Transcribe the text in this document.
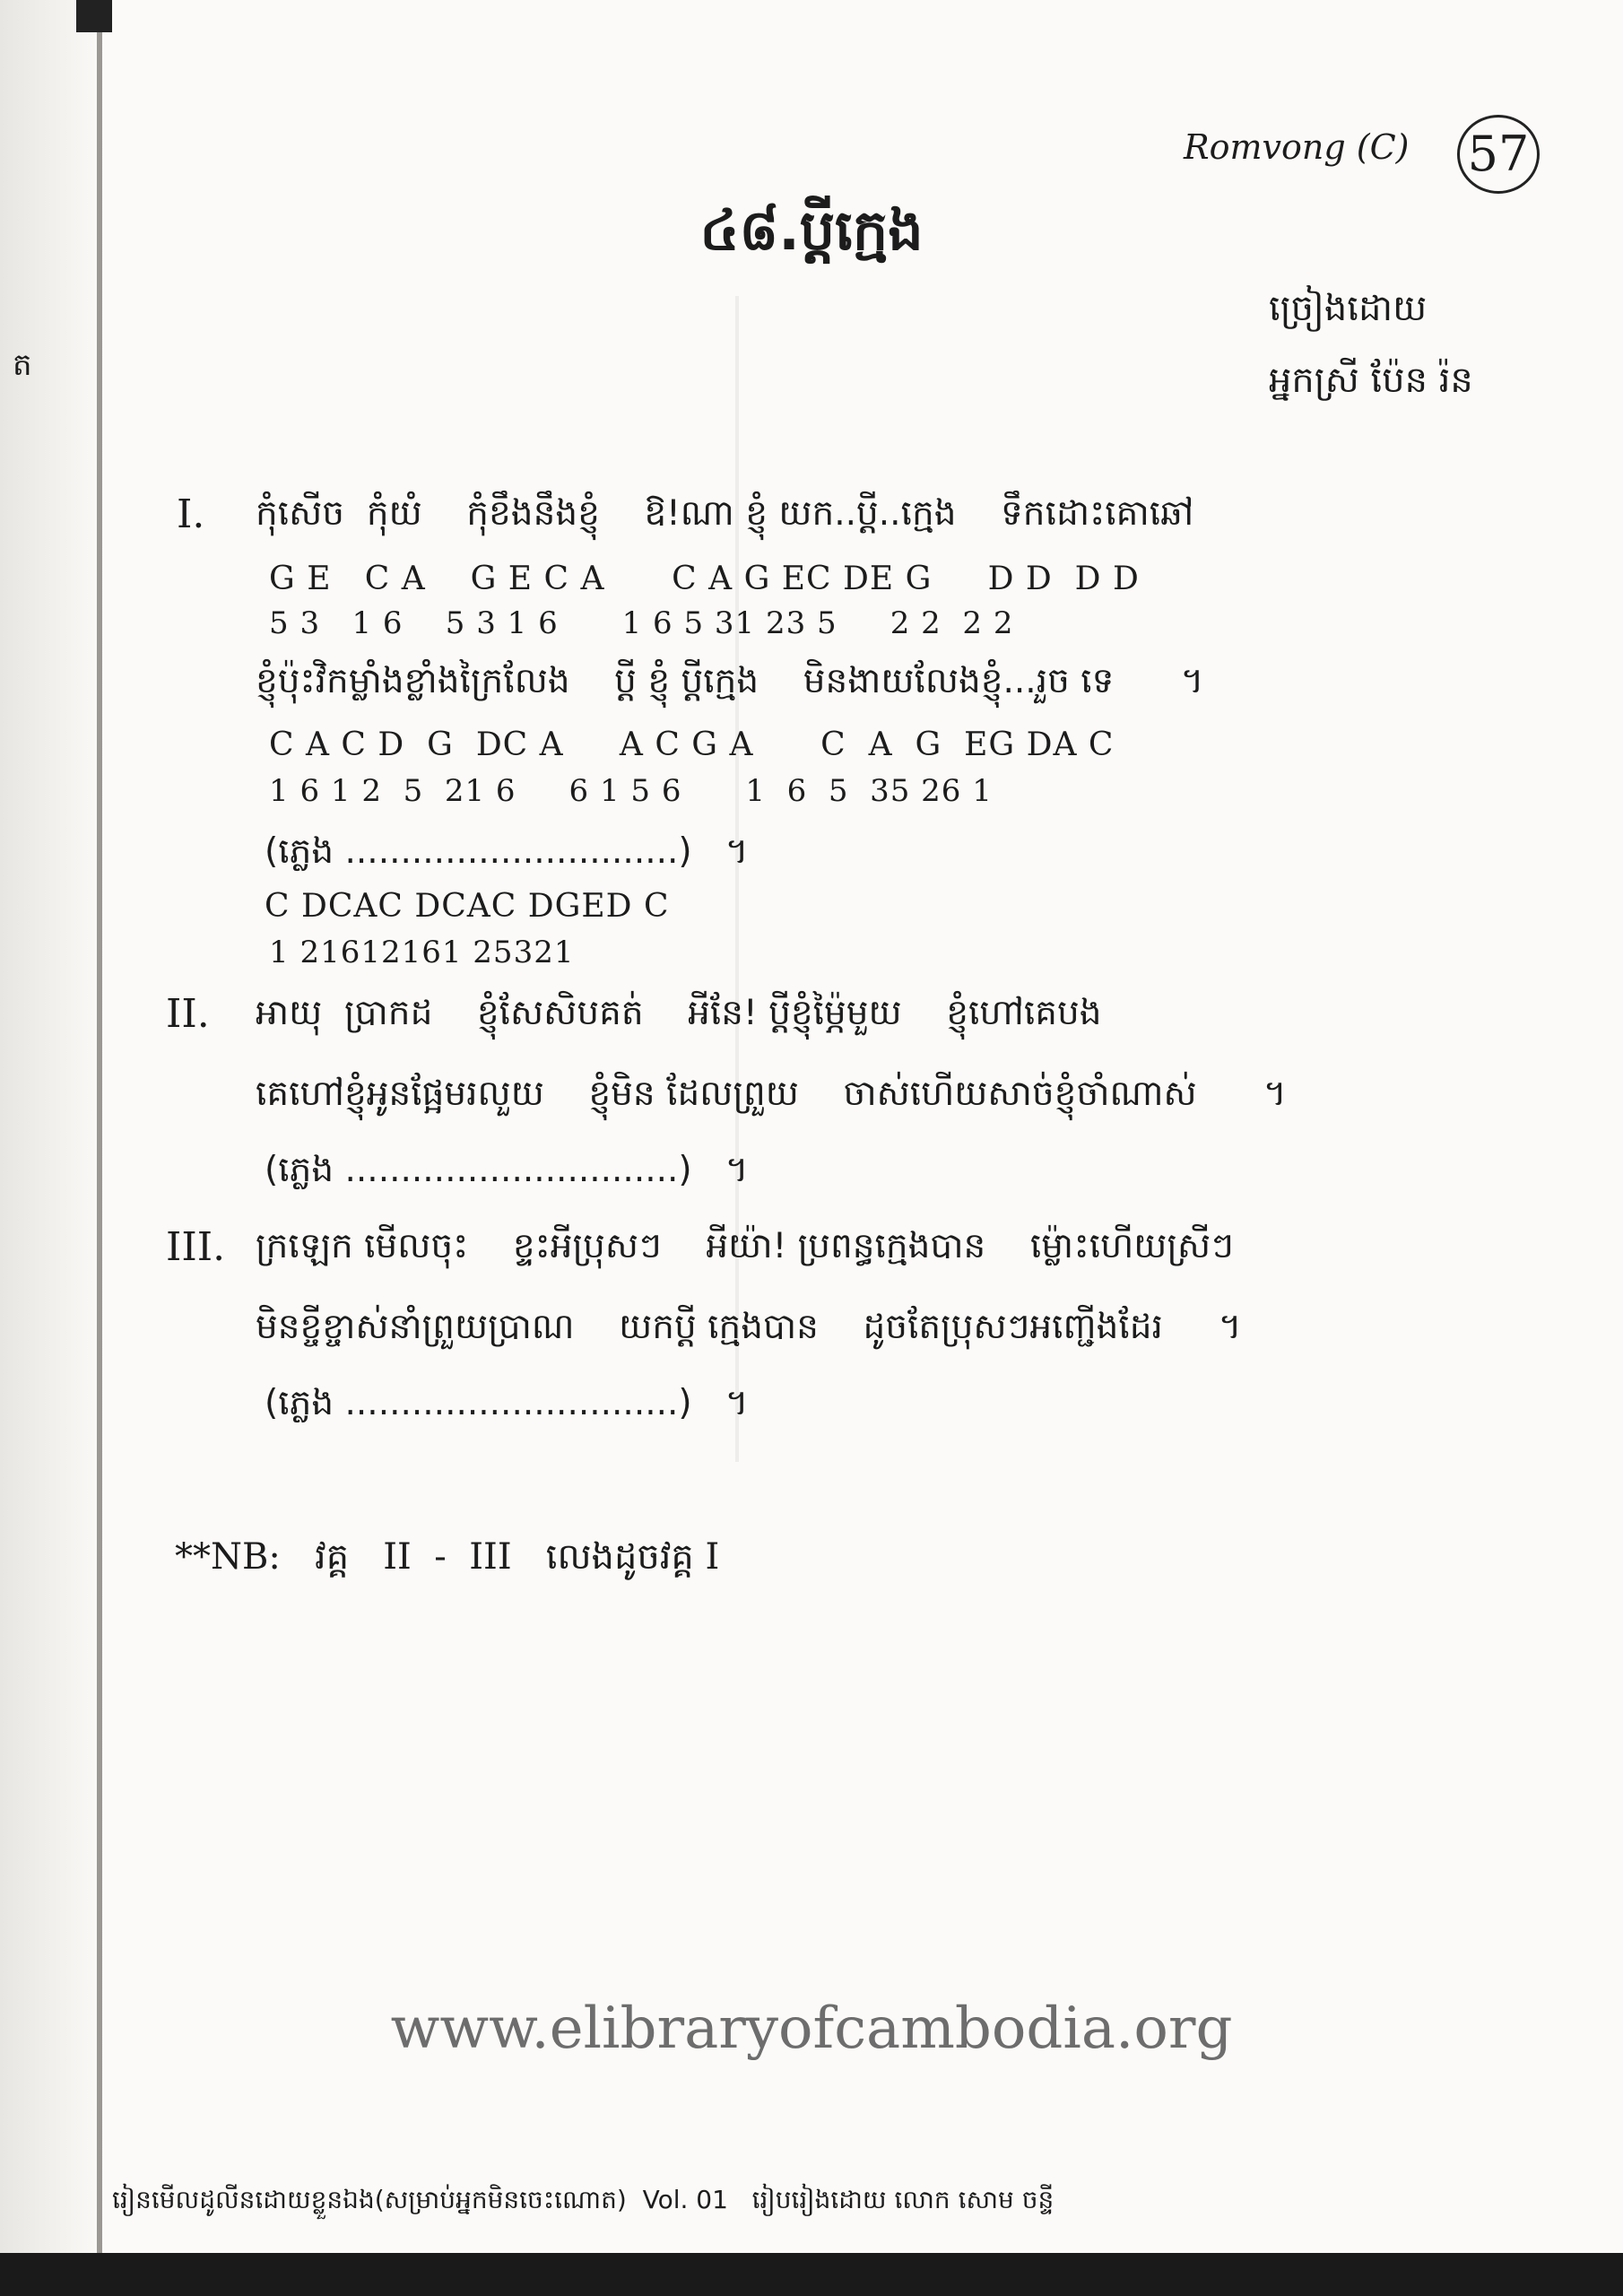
ត
Romvong (C) 57
៤៨.ប្ដីក្មេង
ច្រៀងដោយ
អ្នកស្រី ប៉ែន រ៉ន
I. កុំសើច  កុំយំ    កុំខឹងនឹងខ្ញុំ    ឱ!ណា ខ្ញុំ យក..ប្ដី..ក្មេង    ទឹកដោះគោឆៅ
G E   C A    G E C A      C A G EC DE G     D D  D D
5 3   1 6    5 3 1 6      1 6 5 31 23 5     2 2  2 2
ខ្ញុំប៉ុះវិកម្លាំងខ្លាំងក្រៃលែង    ប្ដី ខ្ញុំ ប្ដីក្មេង    មិនងាយលែងខ្ញុំ...រួច ទេ      ។
C A C D  G  DC A     A C G A      C  A  G  EG DA C
1 6 1 2  5  21 6     6 1 5 6      1  6  5  35 26 1
(ភ្លេង ..............................)   ។
C DCAC DCAC DGED C
1 21612161 25321
II. អាយុ  ប្រាកដ    ខ្ញុំសែសិបគត់    អីនែ! ប្ដីខ្ញុំម៉្ភៃមួយ    ខ្ញុំហៅគេបង
គេហៅខ្ញុំអូនផ្អែមរលួយ    ខ្ញុំមិន ដែលព្រួយ    ចាស់ហើយសាច់ខ្ញុំចាំណាស់      ។
(ភ្លេង ..............................)   ។
III. ក្រឡេក មើលចុះ    ខ្ទះអីប្រុសៗ    អីយ៉ា! ប្រពន្ធក្មេងបាន    ម៉្លោះហើយស្រីៗ
មិនខ្ចីខ្ចាស់នាំព្រួយប្រាណ    យកប្ដី ក្មេងបាន    ដូចតែប្រុសៗអញ្ជើងដែរ     ។
(ភ្លេង ..............................)   ។
**NB:   វគ្គ   II  -  III   លេងដូចវគ្គ I
www.elibraryofcambodia.org
រៀនមើលដូលីនដោយខ្លួនឯង(សម្រាប់អ្នកមិនចេះណោត)  Vol. 01   រៀបរៀងដោយ លោក សោម ចន្ទី
